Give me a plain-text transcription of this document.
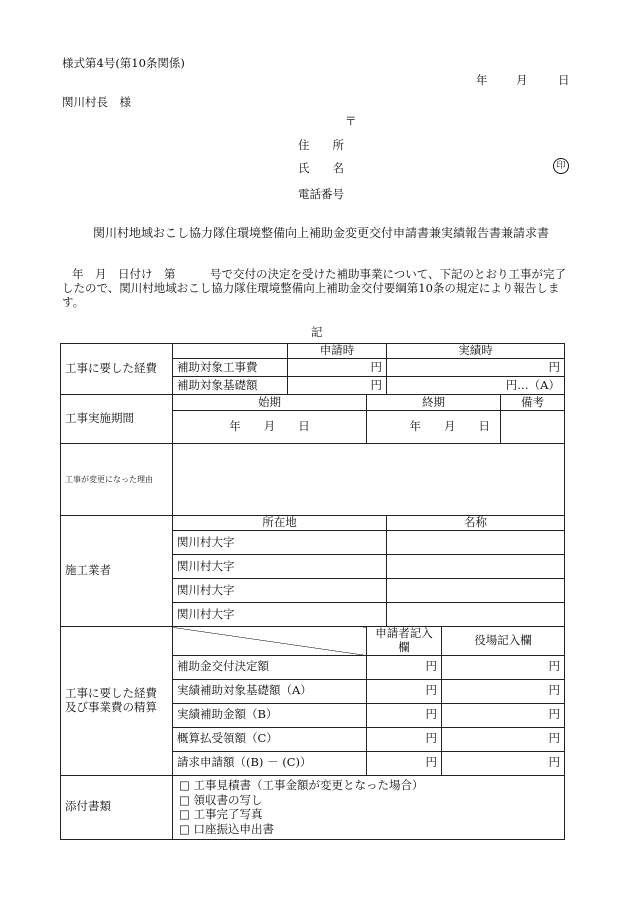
様式第4号(第10条関係)
年 月	日
関川村長　様
〒
住　　所
氏　　名	印
電話番号
関川村地域おこし協力隊住環境整備向上補助金変更交付申請書兼実績報告書兼請求書
年　月　日付け　第　　　号で交付の決定を受けた補助事業について、下記のとおり工事が完了したので、関川村地域おこし協力隊住環境整備向上補助金交付要綱第10条の規定により報告します。
記
工事に要した経費		申請時		実績時		
	補助対象工事費	円		円		
	補助対象基礎額	円		円…（A）		
工事実施期間	始期		終期			備考
	年　　月　　日		年　　月　　日			
工事が変更になった理由						
施工業者	所在地			名称		
	関川村大字					
	関川村大字					
	関川村大字					
	関川村大字					
工事に要した経費及び事業費の精算			申請者記入欄		役場記入欄	
	補助金交付決定額		円		円	
	実績補助対象基礎額（A）		円		円	
	実績補助金額（B）		円		円	
	概算払受領額（C）		円		円	
	請求申請額（(B) － (C)）		円		円	
添付書類	□ 工事見積書（工事金額が変更となった場合）
□ 領収書の写し
□ 工事完了写真
□ 口座振込申出書					
